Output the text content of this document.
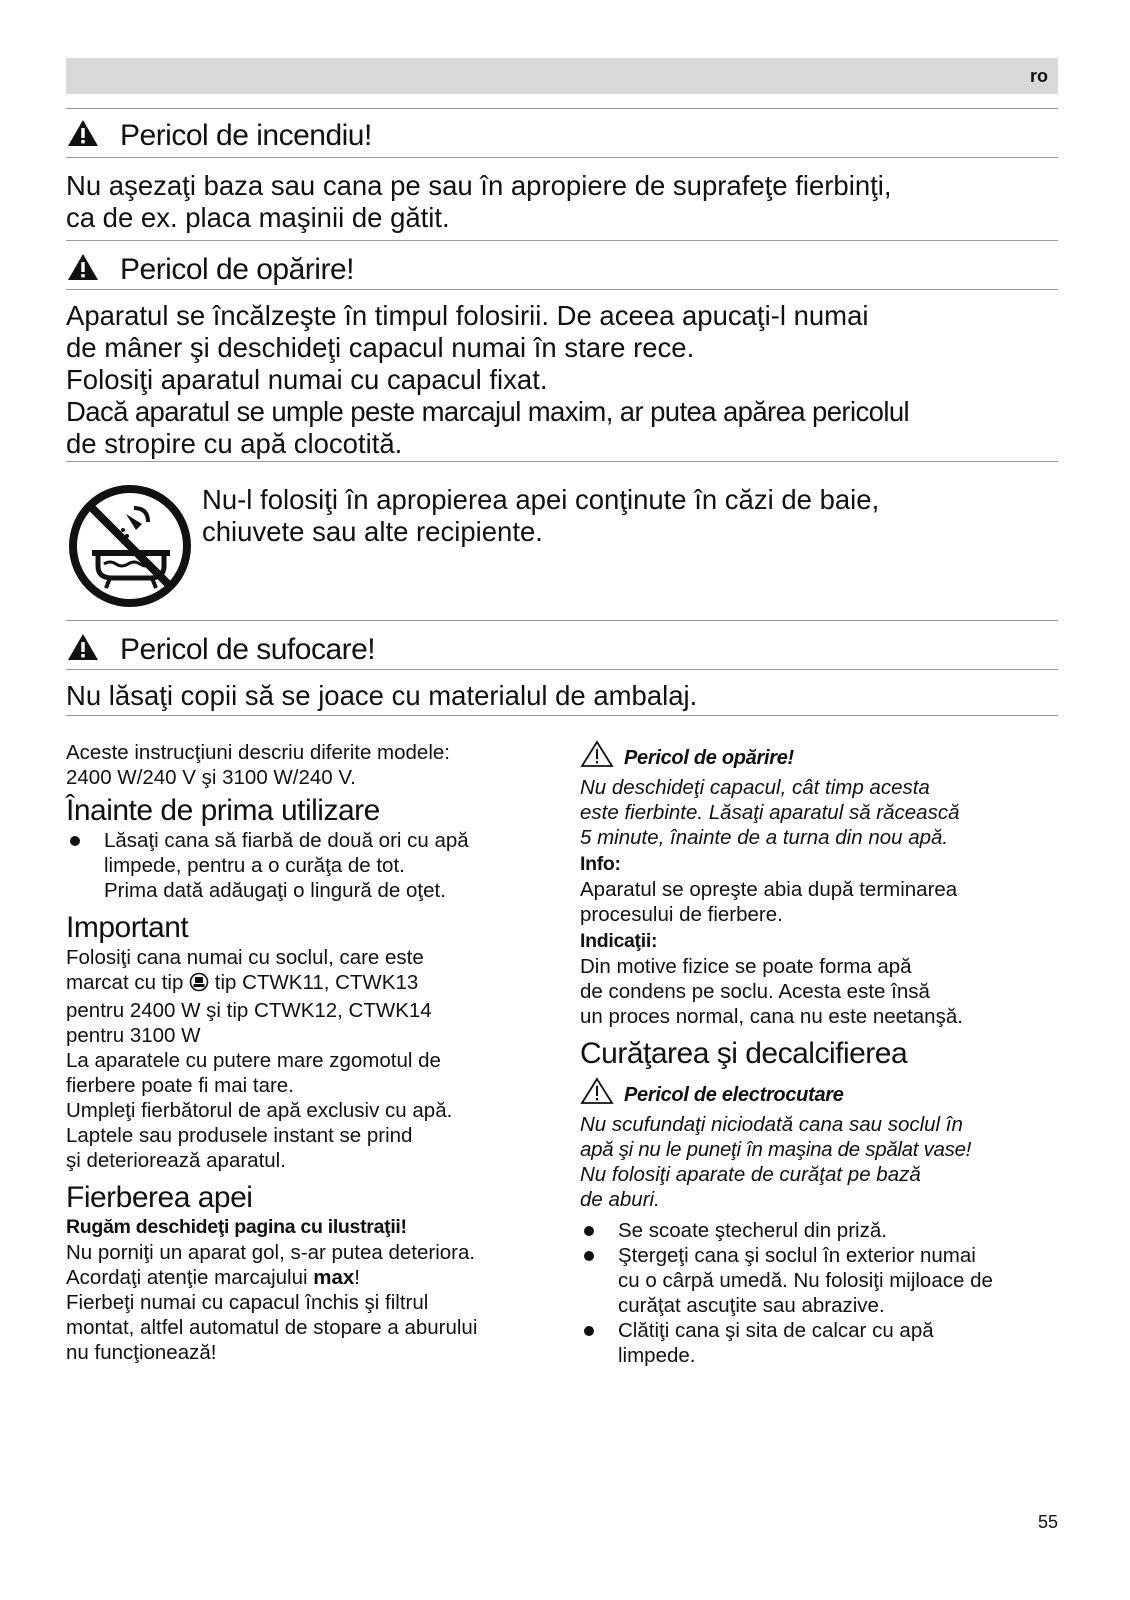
ro
Pericol de incendiu!

Nu aşezaţi baza sau cana pe sau în apropiere de suprafeţe fierbinţi,

ca de ex. placa maşinii de gătit.

Pericol de opărire!

Aparatul se încălzeşte în timpul folosirii. De aceea apucaţi-l numai

de mâner şi deschideţi capacul numai în stare rece.

Folosiţi aparatul numai cu capacul fixat.

Dacă aparatul se umple peste marcajul maxim, ar putea apărea pericolul

de stropire cu apă clocotită.

Nu-l folosiţi în apropierea apei conţinute în căzi de baie,

chiuvete sau alte recipiente.

Pericol de sufocare!

Nu lăsaţi copii să se joace cu materialul de ambalaj.

Aceste instrucţiuni descriu diferite modele:

2400 W/240 V şi 3100 W/240 V.

Înainte de prima utilizare

Lăsaţi cana să fiarbă de două ori cu apă

limpede, pentru a o curăţa de tot.

Prima dată adăugaţi o lingură de oţet.

Important

Folosiţi cana numai cu soclul, care este

marcat cu tip  tip CTWK11, CTWK13

pentru 2400 W şi tip CTWK12, CTWK14

pentru 3100 W

La aparatele cu putere mare zgomotul de

fierbere poate fi mai tare.

Umpleţi fierbătorul de apă exclusiv cu apă.

Laptele sau produsele instant se prind

şi deteriorează aparatul.

Fierberea apei

Rugăm deschideţi pagina cu ilustraţii!

Nu porniţi un aparat gol, s-ar putea deteriora.

Acordaţi atenţie marcajului max!

Fierbeţi numai cu capacul închis şi filtrul

montat, altfel automatul de stopare a aburului

nu funcţionează!

Pericol de opărire!

Nu deschideţi capacul, cât timp acesta

este fierbinte. Lăsaţi aparatul să răcească

5 minute, înainte de a turna din nou apă.

Info:

Aparatul se opreşte abia după terminarea

procesului de fierbere.

Indicaţii:

Din motive fizice se poate forma apă

de condens pe soclu. Acesta este însă

un proces normal, cana nu este neetanşă.

Curăţarea şi decalcifierea

Pericol de electrocutare

Nu scufundaţi niciodată cana sau soclul în

apă şi nu le puneţi în maşina de spălat vase!

Nu folosiţi aparate de curăţat pe bază

de aburi.

Se scoate ştecherul din priză.

Ştergeţi cana şi soclul în exterior numai

cu o cârpă umedă. Nu folosiţi mijloace de

curăţat ascuţite sau abrazive.

Clătiţi cana şi sita de calcar cu apă

limpede.

55
